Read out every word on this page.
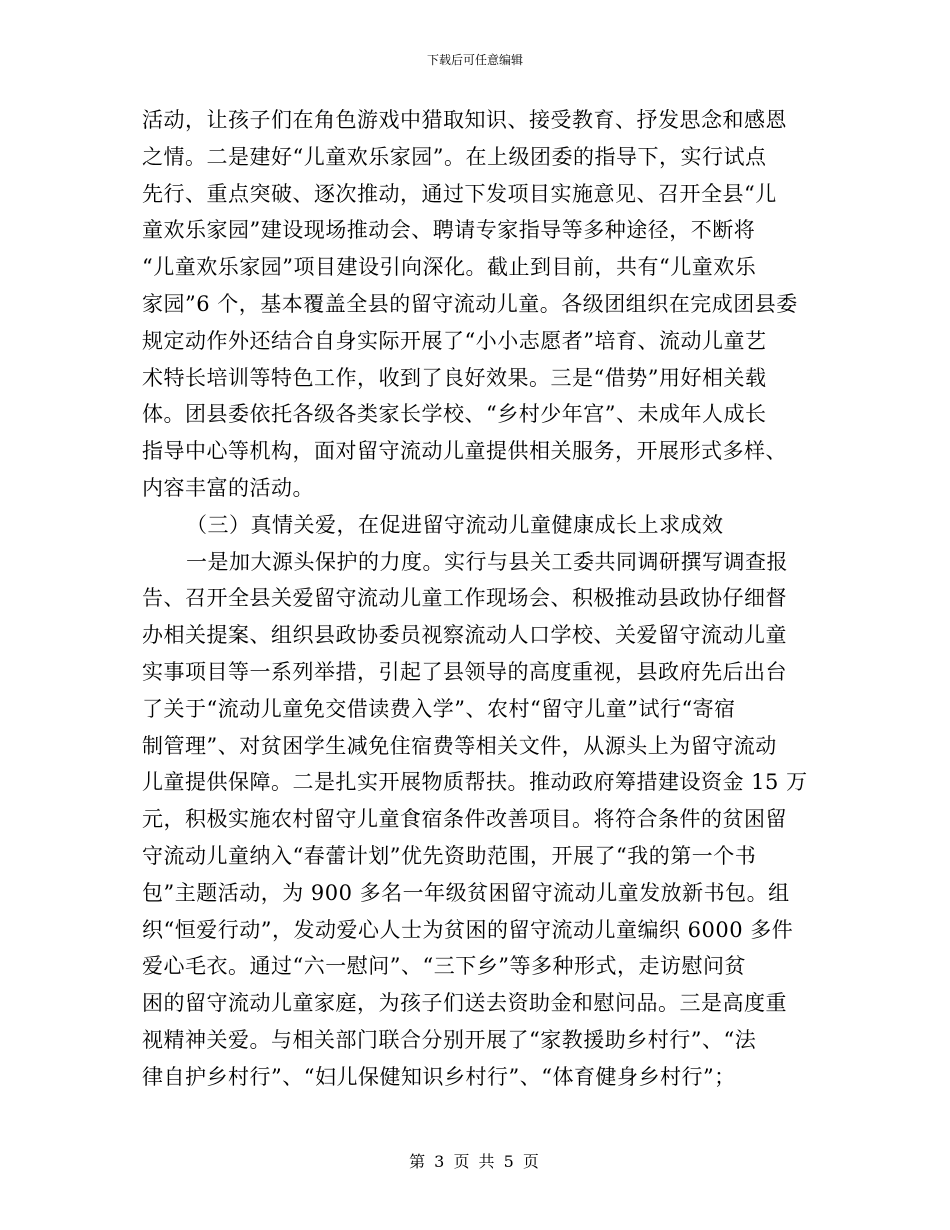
下载后可任意编辑
活动，让孩子们在角色游戏中猎取知识、接受教育、抒发思念和感恩
之情。二是建好“儿童欢乐家园”。在上级团委的指导下，实行试点
先行、重点突破、逐次推动，通过下发项目实施意见、召开全县“儿
童欢乐家园”建设现场推动会、聘请专家指导等多种途径，不断将
“儿童欢乐家园”项目建设引向深化。截止到目前，共有“儿童欢乐
家园”6 个，基本覆盖全县的留守流动儿童。各级团组织在完成团县委
规定动作外还结合自身实际开展了“小小志愿者”培育、流动儿童艺
术特长培训等特色工作，收到了良好效果。三是“借势”用好相关载
体。团县委依托各级各类家长学校、“乡村少年宫”、未成年人成长
指导中心等机构，面对留守流动儿童提供相关服务，开展形式多样、
内容丰富的活动。
（三）真情关爱，在促进留守流动儿童健康成长上求成效
一是加大源头保护的力度。实行与县关工委共同调研撰写调查报
告、召开全县关爱留守流动儿童工作现场会、积极推动县政协仔细督
办相关提案、组织县政协委员视察流动人口学校、关爱留守流动儿童
实事项目等一系列举措，引起了县领导的高度重视，县政府先后出台
了关于“流动儿童免交借读费入学”、农村“留守儿童”试行“寄宿
制管理”、对贫困学生减免住宿费等相关文件，从源头上为留守流动
儿童提供保障。二是扎实开展物质帮扶。推动政府筹措建设资金 15 万
元，积极实施农村留守儿童食宿条件改善项目。将符合条件的贫困留
守流动儿童纳入“春蕾计划”优先资助范围，开展了“我的第一个书
包”主题活动，为 900 多名一年级贫困留守流动儿童发放新书包。组
织“恒爱行动”，发动爱心人士为贫困的留守流动儿童编织 6000 多件
爱心毛衣。通过“六一慰问”、“三下乡”等多种形式，走访慰问贫
困的留守流动儿童家庭，为孩子们送去资助金和慰问品。三是高度重
视精神关爱。与相关部门联合分别开展了“家教援助乡村行”、“法
律自护乡村行”、“妇儿保健知识乡村行”、“体育健身乡村行”；
第 3 页 共 5 页
